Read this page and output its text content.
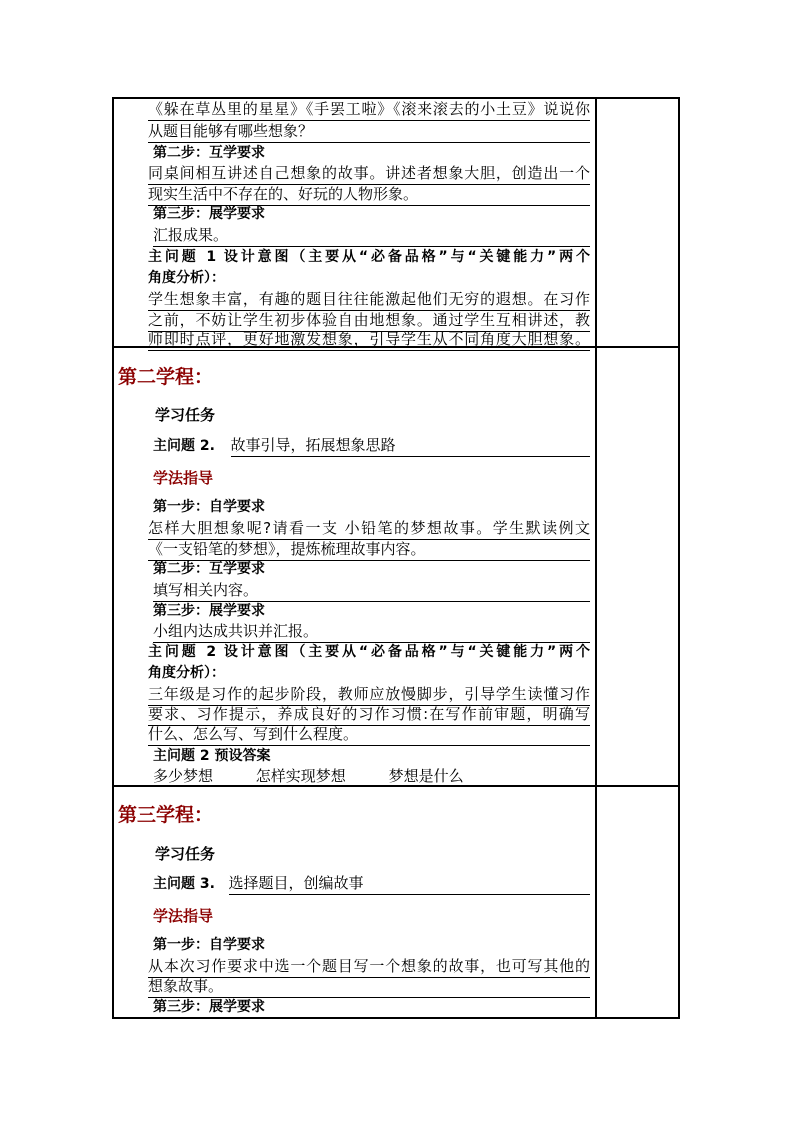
《躲在草丛里的星星》《手罢工啦》《滚来滚去的小土豆》说说你
从题目能够有哪些想象？
第二步：互学要求
同桌间相互讲述自己想象的故事。讲述者想象大胆，创造出一个
现实生活中不存在的、好玩的人物形象。
第三步：展学要求
汇报成果。
主问题 1 设计意图（主要从“必备品格”与“关键能力”两个
角度分析）：
学生想象丰富，有趣的题目往往能激起他们无穷的遐想。在习作
之前，不妨让学生初步体验自由地想象。通过学生互相讲述，教
师即时点评，更好地激发想象，引导学生从不同角度大胆想象。
第二学程：
学习任务
主问题 2. 故事引导，拓展想象思路
学法指导
第一步：自学要求
怎样大胆想象呢?请看一支 小铅笔的梦想故事。学生默读例文
《一支铅笔的梦想》，提炼梳理故事内容。
第二步：互学要求
填写相关内容。
第三步：展学要求
小组内达成共识并汇报。
主问题 2 设计意图（主要从“必备品格”与“关键能力”两个
角度分析）：
三年级是习作的起步阶段，教师应放慢脚步，引导学生读懂习作
要求、习作提示，养成良好的习作习惯:在写作前审题，明确写
什么、怎么写、写到什么程度。
主问题 2 预设答案
多少梦想	怎样实现梦想	梦想是什么
第三学程：
学习任务
主问题 3. 选择题目，创编故事
学法指导
第一步：自学要求
从本次习作要求中选一个题目写一个想象的故事，也可写其他的
想象故事。
第三步：展学要求
